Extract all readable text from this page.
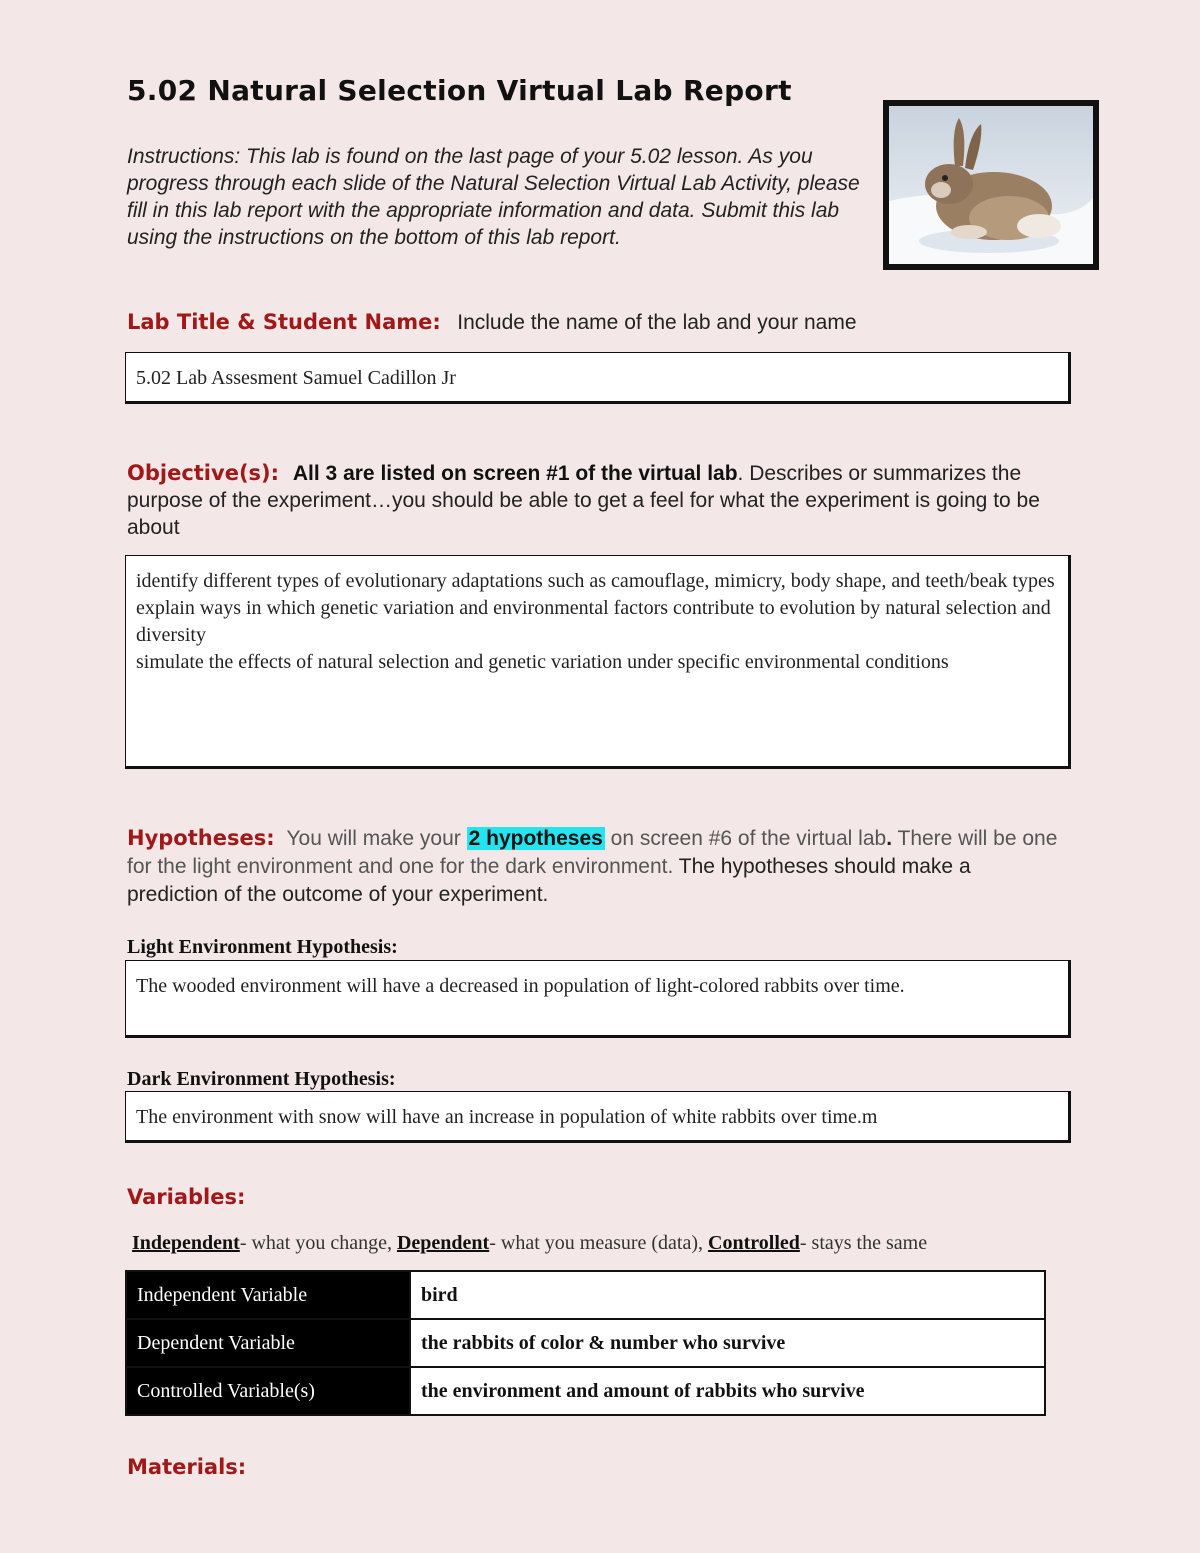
5.02 Natural Selection Virtual Lab Report
Instructions: This lab is found on the last page of your 5.02 lesson. As you progress through each slide of the Natural Selection Virtual Lab Activity, please fill in this lab report with the appropriate information and data. Submit this lab using the instructions on the bottom of this lab report.
Lab Title & Student Name: Include the name of the lab and your name
5.02 Lab Assesment Samuel Cadillon Jr
Objective(s): All 3 are listed on screen #1 of the virtual lab. Describes or summarizes the purpose of the experiment…you should be able to get a feel for what the experiment is going to be about
identify different types of evolutionary adaptations such as camouflage, mimicry, body shape, and teeth/beak types
explain ways in which genetic variation and environmental factors contribute to evolution by natural selection and diversity
simulate the effects of natural selection and genetic variation under specific environmental conditions
Hypotheses: You will make your 2 hypotheses on screen #6 of the virtual lab. There will be one for the light environment and one for the dark environment. The hypotheses should make a prediction of the outcome of your experiment.
Light Environment Hypothesis:
The wooded environment will have a decreased in population of light-colored rabbits over time.
Dark Environment Hypothesis:
The environment with snow will have an increase in population of white rabbits over time.m
Variables:
Independent- what you change, Dependent- what you measure (data), Controlled- stays the same
Independent Variable	bird
Dependent Variable	the rabbits of color & number who survive
Controlled Variable(s)	the environment and amount of rabbits who survive
Materials:
